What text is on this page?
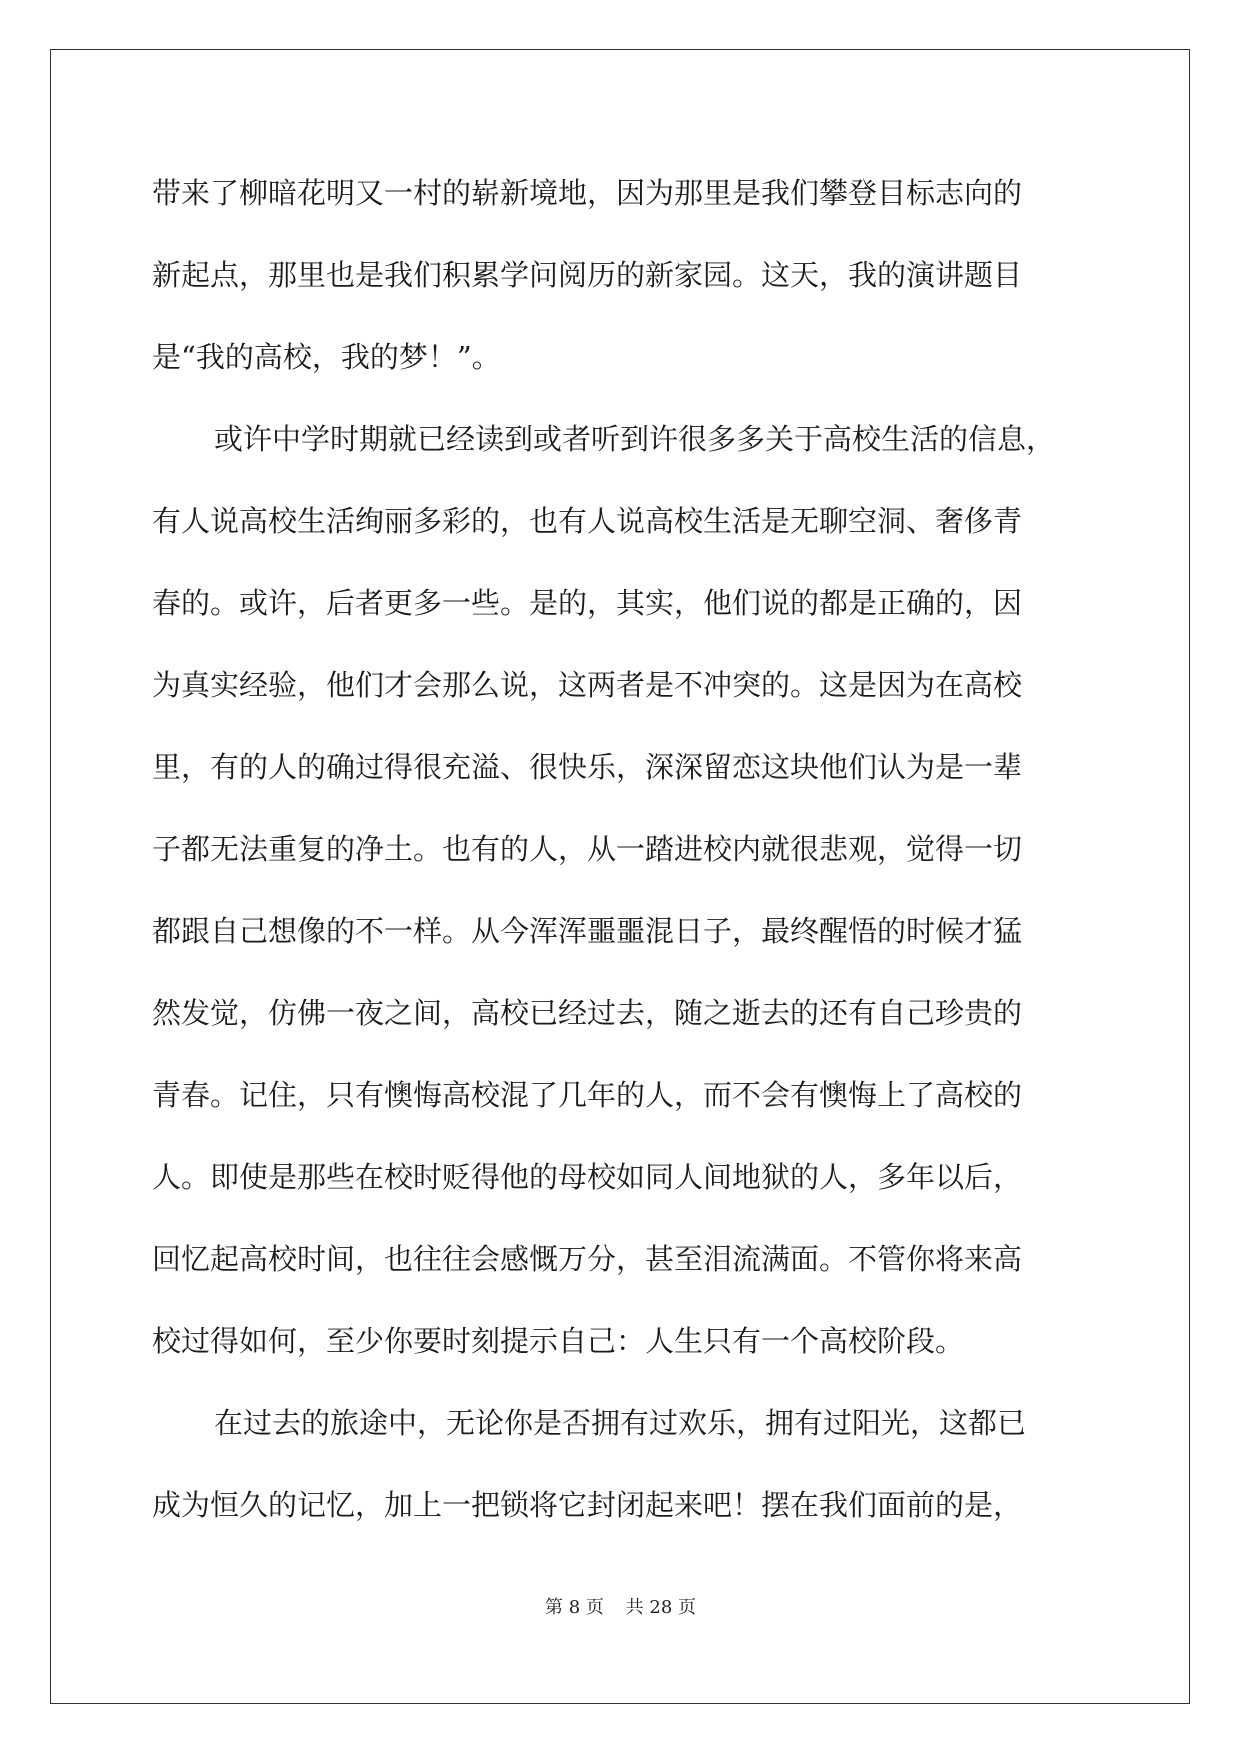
带来了柳暗花明又一村的崭新境地，因为那里是我们攀登目标志向的
新起点，那里也是我们积累学问阅历的新家园。这天，我的演讲题目
是“我的高校，我的梦！”。
或许中学时期就已经读到或者听到许很多多关于高校生活的信息，
有人说高校生活绚丽多彩的，也有人说高校生活是无聊空洞、奢侈青
春的。或许，后者更多一些。是的，其实，他们说的都是正确的，因
为真实经验，他们才会那么说，这两者是不冲突的。这是因为在高校
里，有的人的确过得很充溢、很快乐，深深留恋这块他们认为是一辈
子都无法重复的净土。也有的人，从一踏进校内就很悲观，觉得一切
都跟自己想像的不一样。从今浑浑噩噩混日子，最终醒悟的时候才猛
然发觉，仿佛一夜之间，高校已经过去，随之逝去的还有自己珍贵的
青春。记住，只有懊悔高校混了几年的人，而不会有懊悔上了高校的
人。即使是那些在校时贬得他的母校如同人间地狱的人，多年以后，
回忆起高校时间，也往往会感慨万分，甚至泪流满面。不管你将来高
校过得如何，至少你要时刻提示自己：人生只有一个高校阶段。
在过去的旅途中，无论你是否拥有过欢乐，拥有过阳光，这都已
成为恒久的记忆，加上一把锁将它封闭起来吧！摆在我们面前的是，
第 8 页 共 28 页
